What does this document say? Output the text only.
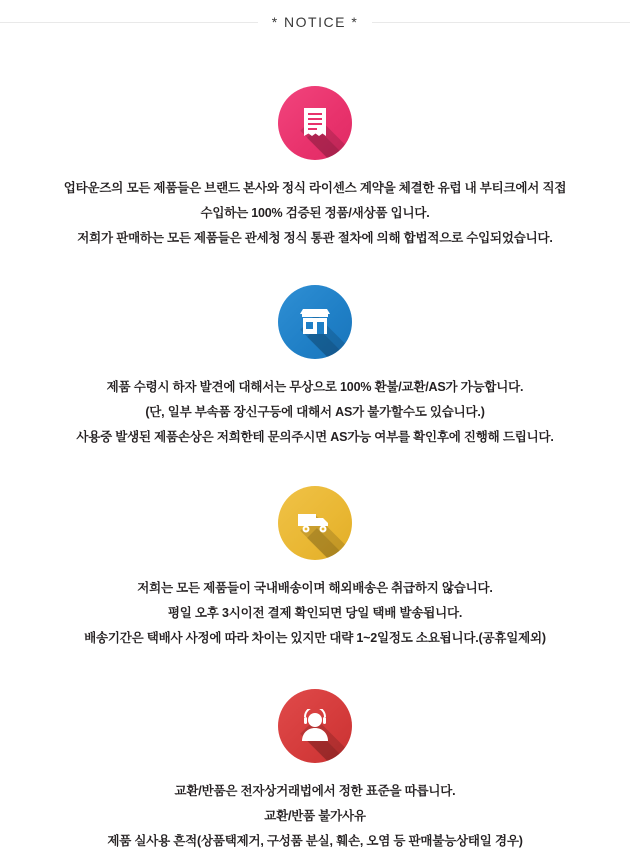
* NOTICE *
업타운즈의 모든 제품들은 브랜드 본사와 정식 라이센스 계약을 체결한 유럽 내 부티크에서 직접
수입하는 100% 검증된 정품/새상품 입니다.
저희가 판매하는 모든 제품들은 관세청 정식 통관 절차에 의해 합법적으로 수입되었습니다.
제품 수령시 하자 발견에 대해서는 무상으로 100% 환불/교환/AS가 가능합니다.
(단, 일부 부속품 장신구등에 대해서 AS가 불가할수도 있습니다.)
사용중 발생된 제품손상은 저희한테 문의주시면 AS가능 여부를 확인후에 진행해 드립니다.
저희는 모든 제품들이 국내배송이며 해외배송은 취급하지 않습니다.
평일 오후 3시이전 결제 확인되면 당일 택배 발송됩니다.
배송기간은 택배사 사정에 따라 차이는 있지만 대략 1~2일정도 소요됩니다.(공휴일제외)
교환/반품은 전자상거래법에서 정한 표준을 따릅니다.
교환/반품 불가사유
제품 실사용 흔적(상품택제거, 구성품 분실, 훼손, 오염 등 판매불능상태일 경우)
